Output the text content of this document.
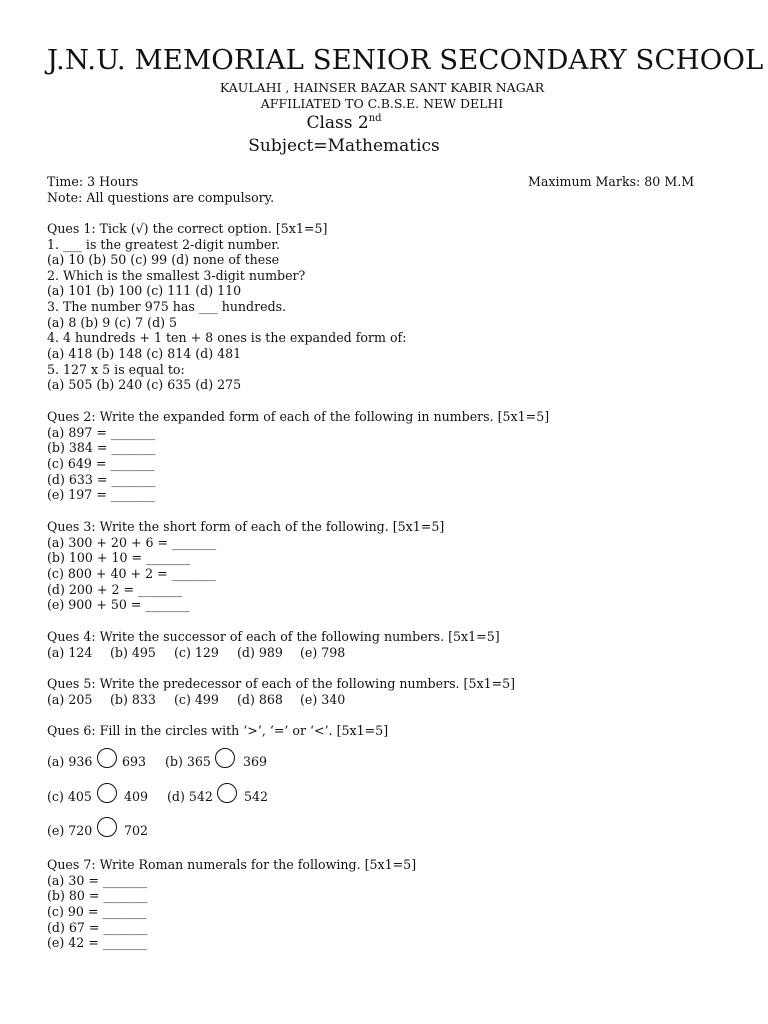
J.N.U. MEMORIAL SENIOR SECONDARY SCHOOL
KAULAHI , HAINSER BAZAR SANT KABIR NAGAR
AFFILIATED TO C.B.S.E. NEW DELHI
Class 2nd
Subject=Mathematics
Time: 3 Hours	Maximum Marks: 80 M.M
Note: All questions are compulsory.
Ques 1: Tick (√) the correct option. [5x1=5]
1. ___ is the greatest 2-digit number.
(a) 10 (b) 50 (c) 99 (d) none of these
2. Which is the smallest 3-digit number?
(a) 101 (b) 100 (c) 111 (d) 110
3. The number 975 has ___ hundreds.
(a) 8 (b) 9 (c) 7 (d) 5
4. 4 hundreds + 1 ten + 8 ones is the expanded form of:
(a) 418 (b) 148 (c) 814 (d) 481
5. 127 x 5 is equal to:
(a) 505 (b) 240 (c) 635 (d) 275
Ques 2: Write the expanded form of each of the following in numbers. [5x1=5]
(a) 897 = _______
(b) 384 = _______
(c) 649 = _______
(d) 633 = _______
(e) 197 = _______
Ques 3: Write the short form of each of the following. [5x1=5]
(a) 300 + 20 + 6 = _______
(b) 100 + 10 = _______
(c) 800 + 40 + 2 = _______
(d) 200 + 2 = _______
(e) 900 + 50 = _______
Ques 4: Write the successor of each of the following numbers. [5x1=5]
(a) 124 (b) 495 (c) 129 (d) 989 (e) 798
Ques 5: Write the predecessor of each of the following numbers. [5x1=5]
(a) 205 (b) 833 (c) 499 (d) 868 (e) 340
Ques 6: Fill in the circles with ‘>’, ‘=’ or ‘<’. [5x1=5]
(a) 936 693 (b) 365	369
(c) 405	409 (d) 542 542
(e) 720	702
Ques 7: Write Roman numerals for the following. [5x1=5]
(a) 30 = _______
(b) 80 = _______
(c) 90 = _______
(d) 67 = _______
(e) 42 = _______
